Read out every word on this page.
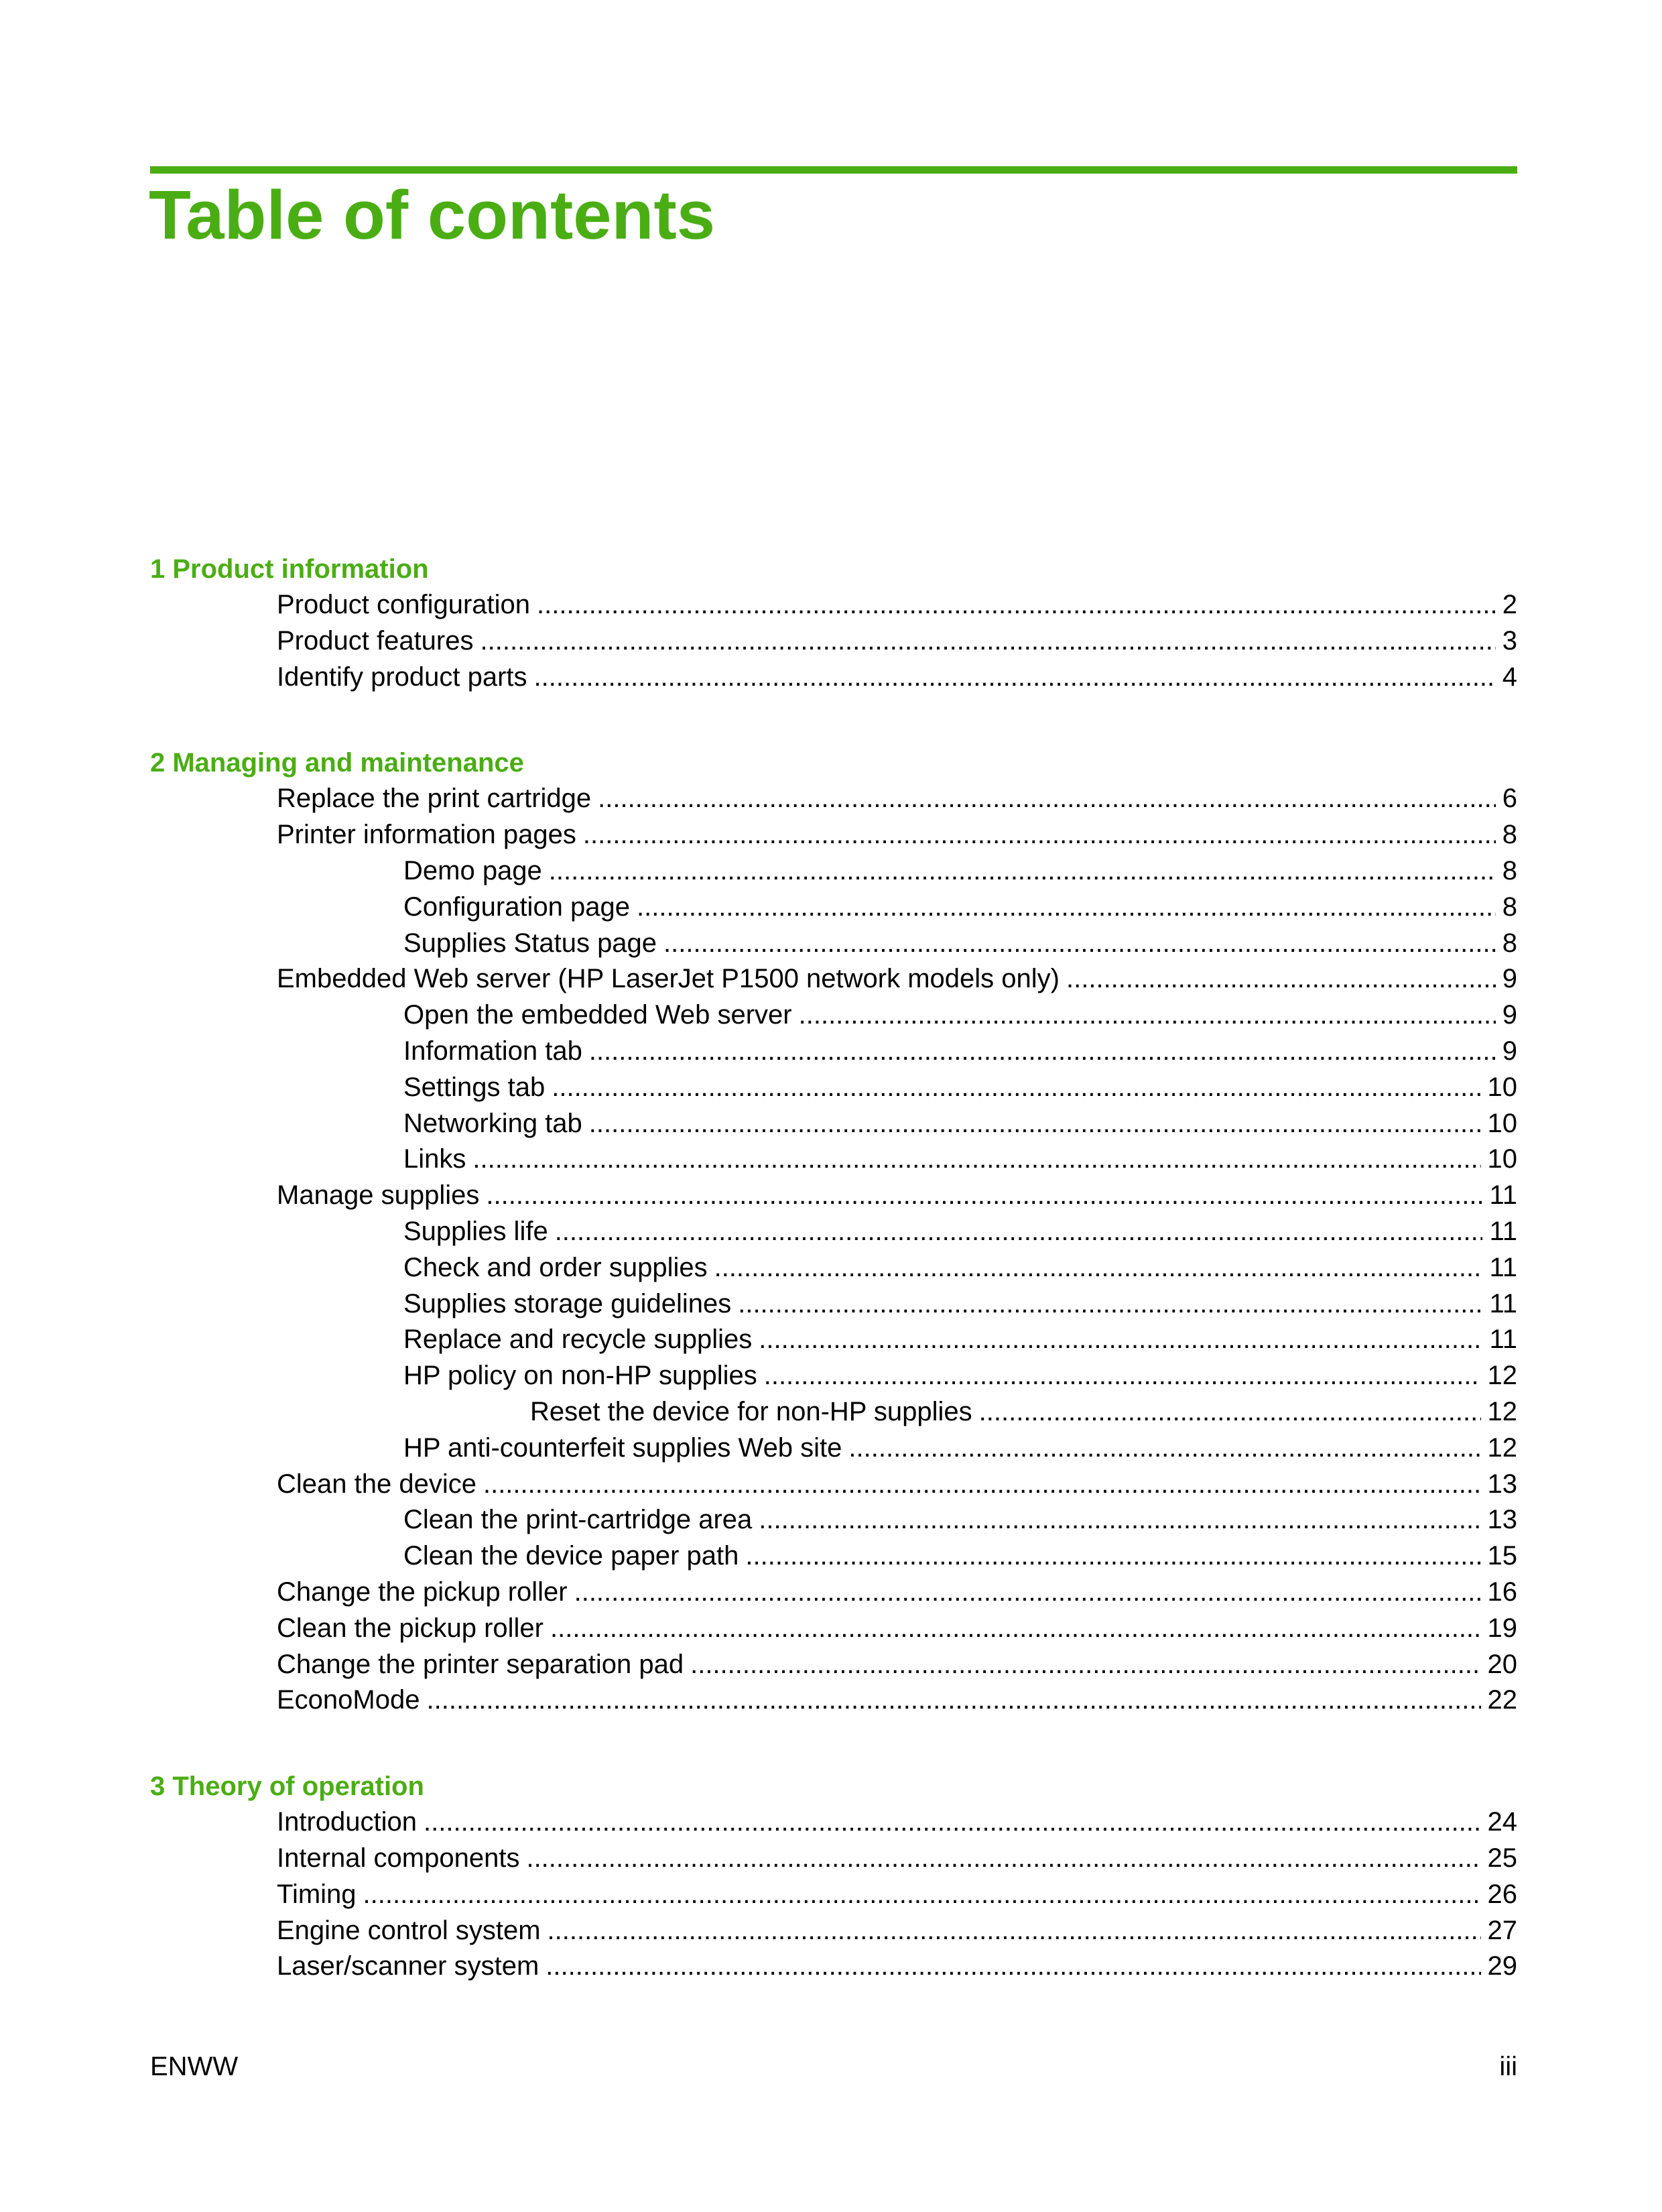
Table of contents
1 Product information
Product configuration .....	2
Product features .....	3
Identify product parts .....	4
2 Managing and maintenance
Replace the print cartridge .....	6
Printer information pages .....	8
Demo page .....	8
Configuration page .....	8
Supplies Status page .....	8
Embedded Web server (HP LaserJet P1500 network models only) .....	9
Open the embedded Web server .....	9
Information tab .....	9
Settings tab .....	10
Networking tab .....	10
Links .....	10
Manage supplies .....	11
Supplies life .....	11
Check and order supplies .....	11
Supplies storage guidelines .....	11
Replace and recycle supplies .....	11
HP policy on non-HP supplies .....	12
Reset the device for non-HP supplies .....	12
HP anti-counterfeit supplies Web site .....	12
Clean the device .....	13
Clean the print-cartridge area .....	13
Clean the device paper path .....	15
Change the pickup roller .....	16
Clean the pickup roller .....	19
Change the printer separation pad .....	20
EconoMode .....	22
3 Theory of operation
Introduction .....	24
Internal components .....	25
Timing .....	26
Engine control system .....	27
Laser/scanner system .....	29
ENWW	iii
